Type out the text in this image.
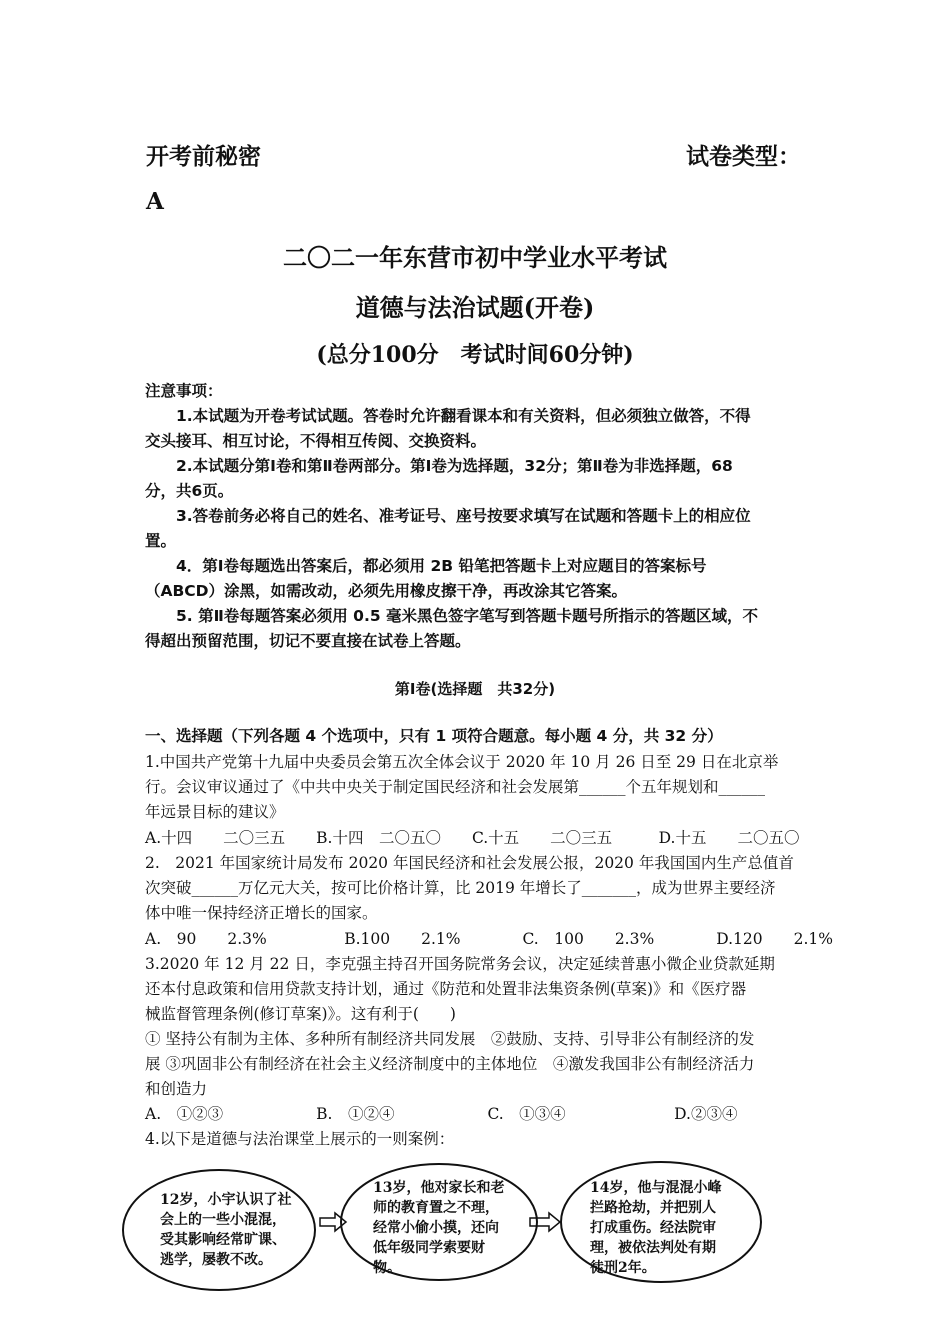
开考前秘密	试卷类型：
A
二〇二一年东营市初中学业水平考试
道德与法治试题(开卷)
(总分100分　考试时间60分钟)
注意事项：
1.本试题为开卷考试试题。答卷时允许翻看课本和有关资料，但必须独立做答，不得
交头接耳、相互讨论，不得相互传阅、交换资料。
2.本试题分第Ⅰ卷和第Ⅱ卷两部分。第Ⅰ卷为选择题，32分；第Ⅱ卷为非选择题，68
分，共6页。
3.答卷前务必将自己的姓名、准考证号、座号按要求填写在试题和答题卡上的相应位
置。
4．第Ⅰ卷每题选出答案后，都必须用 2B 铅笔把答题卡上对应题目的答案标号
（ABCD）涂黑，如需改动，必须先用橡皮擦干净，再改涂其它答案。
5. 第Ⅱ卷每题答案必须用 0.5 毫米黑色签字笔写到答题卡题号所指示的答题区域，不
得超出预留范围，切记不要直接在试卷上答题。
第Ⅰ卷(选择题　共32分)
一、选择题（下列各题 4 个选项中，只有 1 项符合题意。每小题 4 分，共 32 分）
1.中国共产党第十九届中央委员会第五次全体会议于 2020 年 10 月 26 日至 29 日在北京举
行。会议审议通过了《中共中央关于制定国民经济和社会发展第______个五年规划和______
年远景目标的建议》
A.十四　　二〇三五　　B.十四　二〇五〇　　C.十五　　二〇三五　　　D.十五　　二〇五〇
2.　2021 年国家统计局发布 2020 年国民经济和社会发展公报，2020 年我国国内生产总值首
次突破______万亿元大关，按可比价格计算，比 2019 年增长了_______，成为世界主要经济
体中唯一保持经济正增长的国家。
A.　90　　2.3%　　　　　B.100　　2.1%　　　　C.　100　　2.3%　　　　D.120　　2.1%
3.2020 年 12 月 22 日，李克强主持召开国务院常务会议，决定延续普惠小微企业贷款延期
还本付息政策和信用贷款支持计划，通过《防范和处置非法集资条例(草案)》和《医疗器
械监督管理条例(修订草案)》。这有利于(　　)
① 坚持公有制为主体、多种所有制经济共同发展　②鼓励、支持、引导非公有制经济的发
展 ③巩固非公有制经济在社会主义经济制度中的主体地位　④激发我国非公有制经济活力
和创造力
A.　①②③　　　　　　B.　①②④　　　　　　C.　①③④　　　　　　　D.②③④
4.以下是道德与法治课堂上展示的一则案例：
12岁，小宇认识了社
会上的一些小混混，
受其影响经常旷课、
逃学，屡教不改。
13岁，他对家长和老
师的教育置之不理，
经常小偷小摸，还向
低年级同学索要财
物。
14岁，他与混混小峰
拦路抢劫，并把别人
打成重伤。经法院审
理，被依法判处有期
徒刑2年。
